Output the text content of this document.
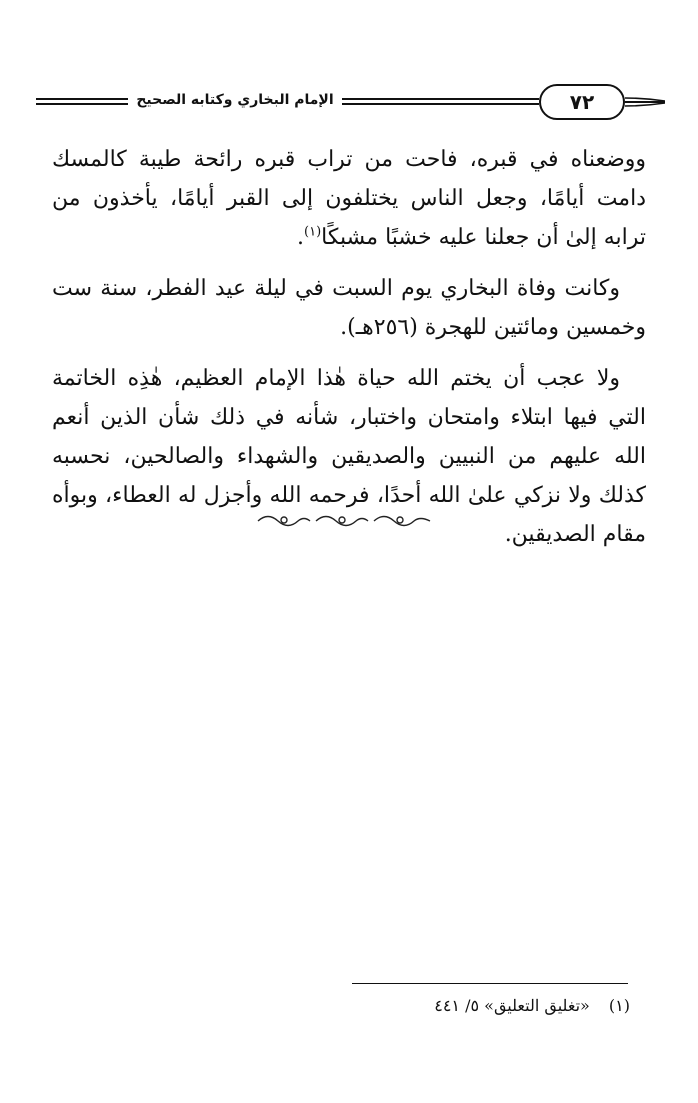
الإمام البخاري وكتابه الصحيح	٧٢

ووضعناه في قبره، فاحت من تراب قبره رائحة طيبة كالمسك دامت أيامًا، وجعل الناس يختلفون إلى القبر أيامًا، يأخذون من ترابه إلىٰ أن جعلنا عليه خشبًا مشبكًا$^{(١)}$.

وكانت وفاة البخاري يوم السبت في ليلة عيد الفطر، سنة ست وخمسين ومائتين للهجرة (٢٥٦هـ).

ولا عجب أن يختم الله حياة هٰذا الإمام العظيم، هٰذِه الخاتمة التي فيها ابتلاء وامتحان واختبار، شأنه في ذلك شأن الذين أنعم الله عليهم من النبيين والصديقين والشهداء والصالحين، نحسبه كذلك ولا نزكي علىٰ الله أحدًا، فرحمه الله وأجزل له العطاء، وبوأه مقام الصديقين.

(١) «تغليق التعليق» ٥/ ٤٤١
